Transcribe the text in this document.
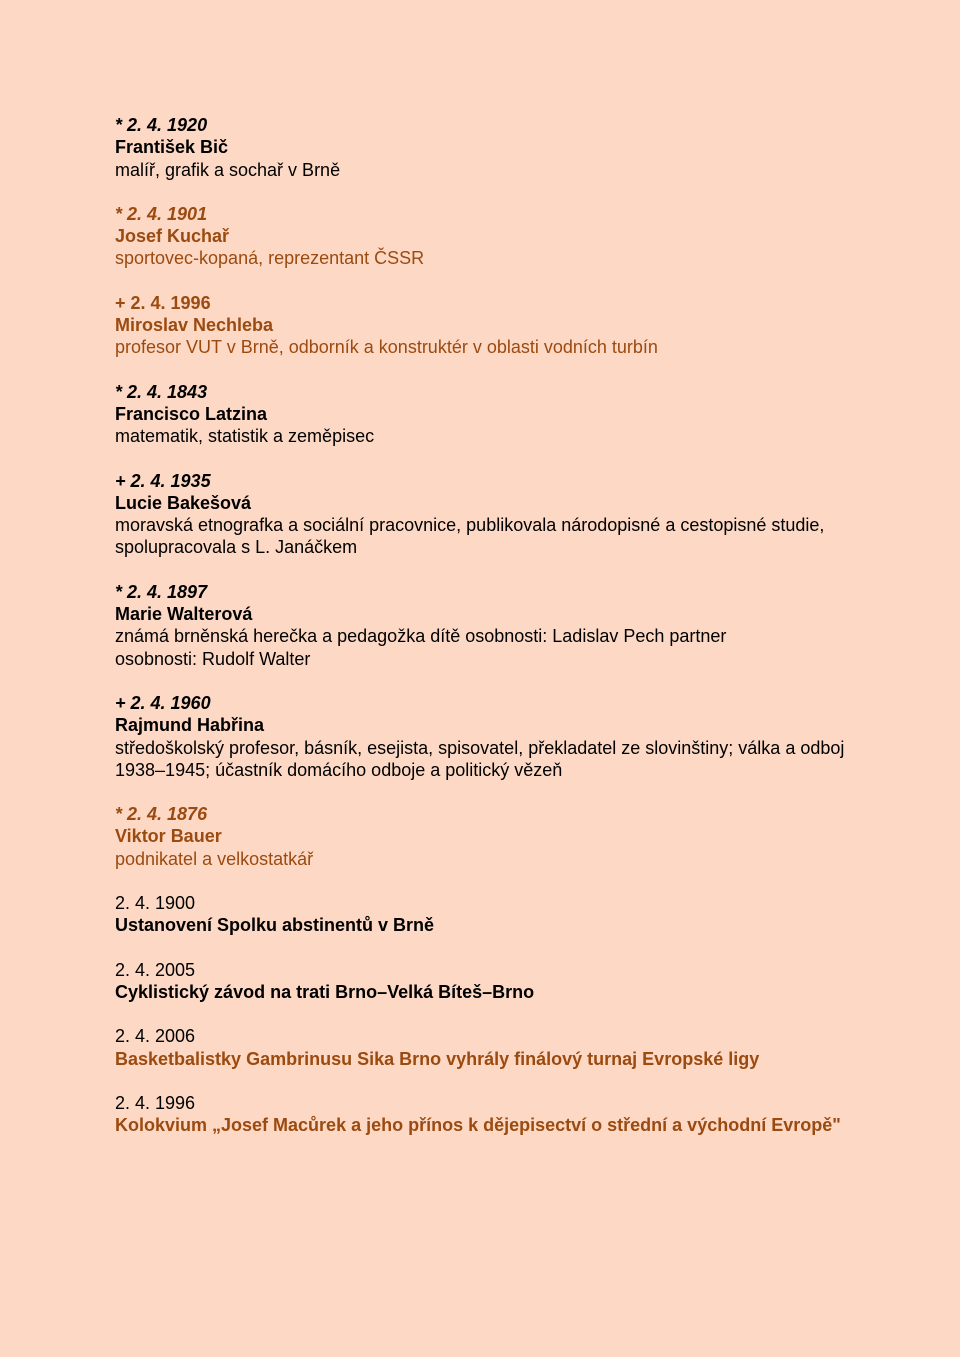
* 2. 4. 1920
František Bič
malíř, grafik a sochař v Brně
* 2. 4. 1901
Josef Kuchař
sportovec-kopaná, reprezentant ČSSR
+ 2. 4. 1996
Miroslav Nechleba
profesor VUT v Brně, odborník a konstruktér v oblasti vodních turbín
* 2. 4. 1843
Francisco Latzina
matematik, statistik a zeměpisec
+ 2. 4. 1935
Lucie Bakešová
moravská etnografka a sociální pracovnice, publikovala národopisné a cestopisné studie, spolupracovala s L. Janáčkem
* 2. 4. 1897
Marie Walterová
známá brněnská herečka a pedagožka dítě osobnosti: Ladislav Pech partner
osobnosti: Rudolf Walter
+ 2. 4. 1960
Rajmund Habřina
středoškolský profesor, básník, esejista, spisovatel, překladatel ze slovinštiny; válka a odboj 1938–1945; účastník domácího odboje a politický vězeň
* 2. 4. 1876
Viktor Bauer
podnikatel a velkostatkář
2. 4. 1900
Ustanovení Spolku abstinentů v Brně
2. 4. 2005
Cyklistický závod na trati Brno–Velká Bíteš–Brno
2. 4. 2006
Basketbalistky Gambrinusu Sika Brno vyhrály finálový turnaj Evropské ligy
2. 4. 1996
Kolokvium „Josef Macůrek a jeho přínos k dějepisectví o střední a východní Evropě"
